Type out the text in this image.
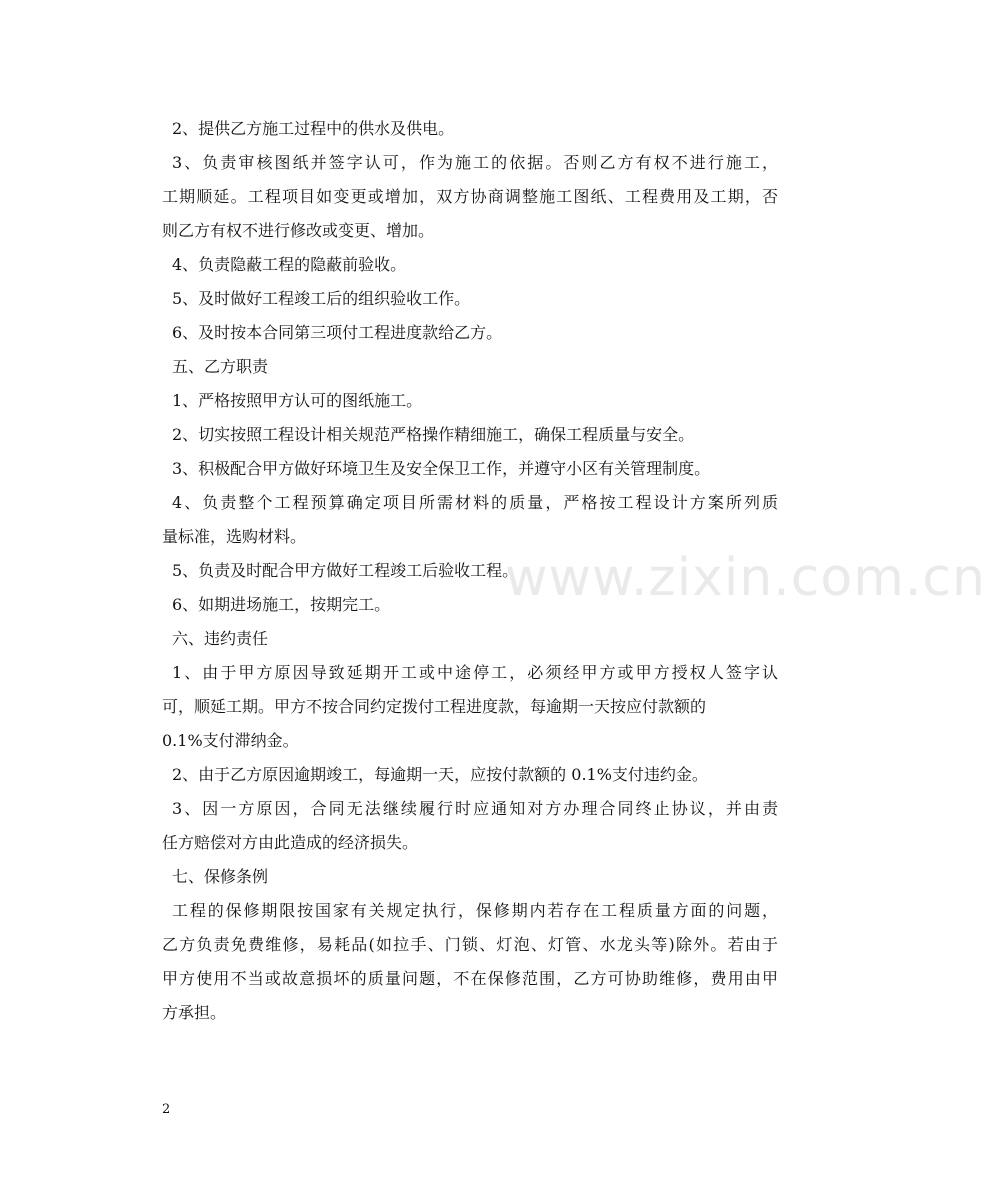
2、提供乙方施工过程中的供水及供电。
3、负责审核图纸并签字认可，作为施工的依据。否则乙方有权不进行施工，
工期顺延。工程项目如变更或增加，双方协商调整施工图纸、工程费用及工期，否
则乙方有权不进行修改或变更、增加。
4、负责隐蔽工程的隐蔽前验收。
5、及时做好工程竣工后的组织验收工作。
6、及时按本合同第三项付工程进度款给乙方。
五、乙方职责
1、严格按照甲方认可的图纸施工。
2、切实按照工程设计相关规范严格操作精细施工，确保工程质量与安全。
3、积极配合甲方做好环境卫生及安全保卫工作，并遵守小区有关管理制度。
4、负责整个工程预算确定项目所需材料的质量，严格按工程设计方案所列质
量标准，选购材料。
5、负责及时配合甲方做好工程竣工后验收工程。
6、如期进场施工，按期完工。
六、违约责任
1、由于甲方原因导致延期开工或中途停工，必须经甲方或甲方授权人签字认
可，顺延工期。甲方不按合同约定拨付工程进度款，每逾期一天按应付款额的
0.1%支付滞纳金。
2、由于乙方原因逾期竣工，每逾期一天，应按付款额的 0.1%支付违约金。
3、因一方原因，合同无法继续履行时应通知对方办理合同终止协议，并由责
任方赔偿对方由此造成的经济损失。
七、保修条例
工程的保修期限按国家有关规定执行，保修期内若存在工程质量方面的问题，
乙方负责免费维修，易耗品(如拉手、门锁、灯泡、灯管、水龙头等)除外。若由于
甲方使用不当或故意损坏的质量问题，不在保修范围，乙方可协助维修，费用由甲
方承担。
www.zixin.com.cn
2
